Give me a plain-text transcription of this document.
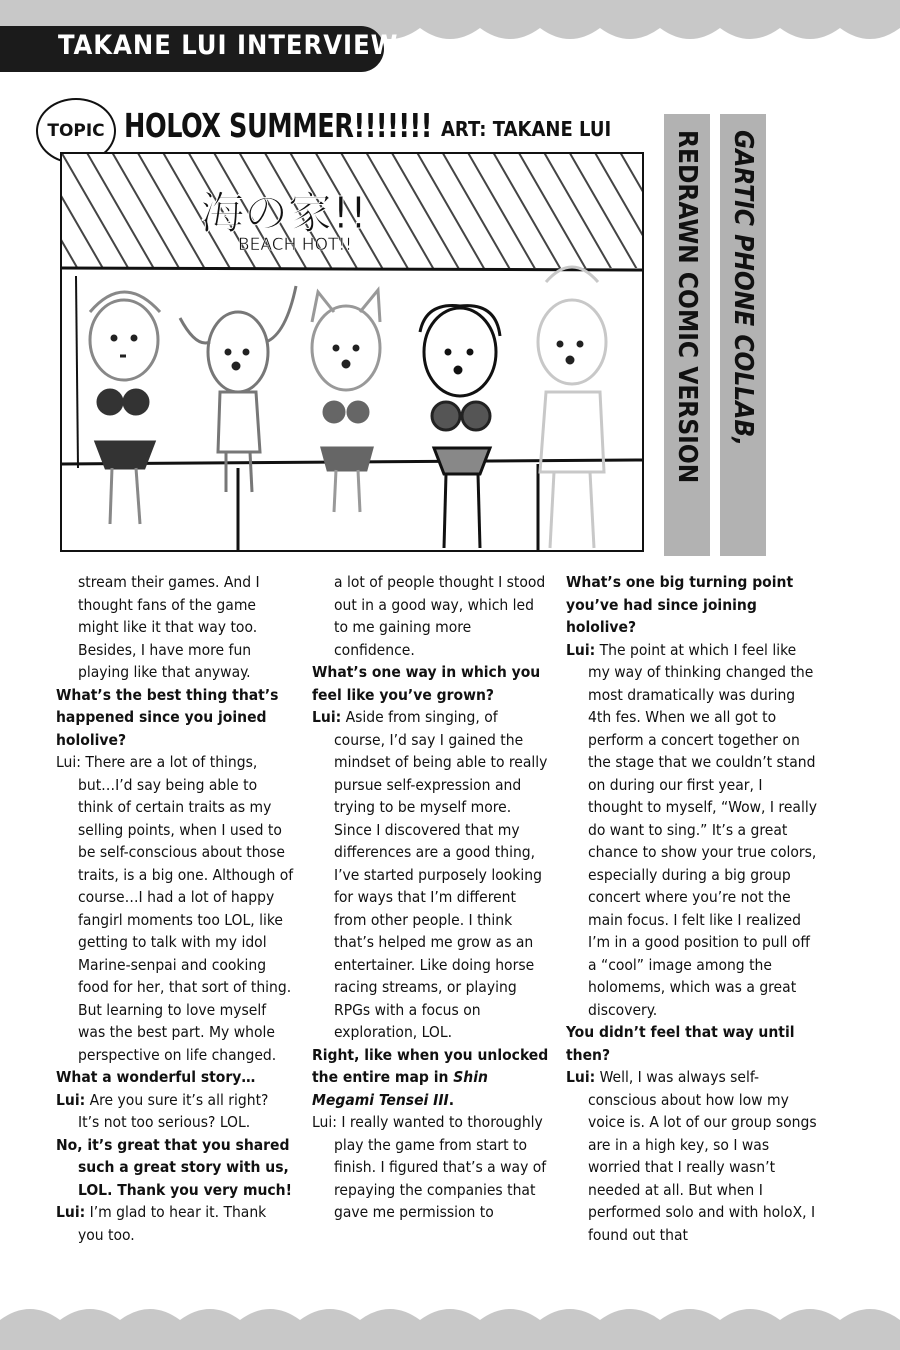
TAKANE LUI INTERVIEW
TOPIC HOLOX SUMMER!!!!!!! ART: TAKANE LUI
海の家!!
BEACH HOT!!	REDRAWN COMIC VERSION	GARTIC PHONE COLLAB,

stream their games. And I thought fans of the game might like it that way too. Besides, I have more fun playing like that anyway.

What’s the best thing that’s happened since you joined hololive?

Lui: There are a lot of things, but…I’d say being able to think of certain traits as my selling points, when I used to be self-conscious about those traits, is a big one. Although of course…I had a lot of happy fangirl moments too LOL, like getting to talk with my idol Marine-senpai and cooking food for her, that sort of thing. But learning to love myself was the best part. My whole perspective on life changed.

What a wonderful story…

Lui: Are you sure it’s all right? It’s not too serious? LOL.

No, it’s great that you shared such a great story with us, LOL. Thank you very much!

Lui: I’m glad to hear it. Thank you too.

a lot of people thought I stood out in a good way, which led to me gaining more confidence.

What’s one way in which you feel like you’ve grown?

Lui: Aside from singing, of course, I’d say I gained the mindset of being able to really pursue self-expression and trying to be myself more. Since I discovered that my differences are a good thing, I’ve started purposely looking for ways that I’m different from other people. I think that’s helped me grow as an entertainer. Like doing horse racing streams, or playing RPGs with a focus on exploration, LOL.

Right, like when you unlocked the entire map in Shin Megami Tensei III.

Lui: I really wanted to thoroughly play the game from start to finish. I figured that’s a way of repaying the companies that gave me permission to

What’s one big turning point you’ve had since joining hololive?

Lui: The point at which I feel like my way of thinking changed the most dramatically was during 4th fes. When we all got to perform a concert together on the stage that we couldn’t stand on during our first year, I thought to myself, “Wow, I really do want to sing.” It’s a great chance to show your true colors, especially during a big group concert where you’re not the main focus. I felt like I realized I’m in a good position to pull off a “cool” image among the holomems, which was a great discovery.

You didn’t feel that way until then?

Lui: Well, I was always self-conscious about how low my voice is. A lot of our group songs are in a high key, so I was worried that I really wasn’t needed at all. But when I performed solo and with holoX, I found out that
